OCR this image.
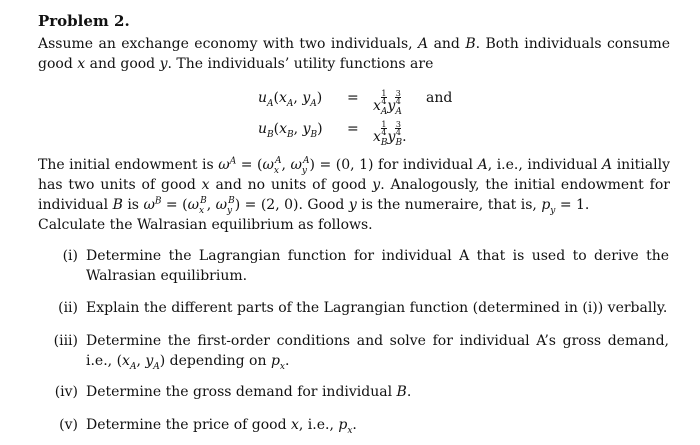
Problem 2.
Assume an exchange economy with two individuals, A and B. Both individuals consume good x and good y. The individuals’ utility functions are
$u_A(x_A$, $y_A$)	= x
$\frac{1}{4}$
$_A$y
$\frac{3}{4}$
$_A$
and
$u_B(x_B$, $y_B$)	= x
$\frac{1}{4}$
$_B$y
$\frac{3}{4}$
$_B$.
The initial endowment is $\omega^A = (\omega_x^A$, $\omega_y^A) = (0$, 1) for individual A, i.e., individual A initially has two units of good x and no units of good y. Analogously, the initial endowment for individual B is $\omega^B = (\omega_x^B$, $\omega_y^B) = (2$, 0). Good y is the numeraire, that is, $p_y = 1$.
Calculate the Walrasian equilibrium as follows.
(i) Determine the Lagrangian function for individual A that is used to derive the Walrasian equilibrium.
(ii) Explain the different parts of the Lagrangian function (determined in (i)) verbally.
(iii) Determine the first-order conditions and solve for individual A’s gross demand, i.e., ($x_A$, $y_A$) depending on $p_x$.
(iv) Determine the gross demand for individual B.
(v) Determine the price of good x, i.e., $p_x$.
